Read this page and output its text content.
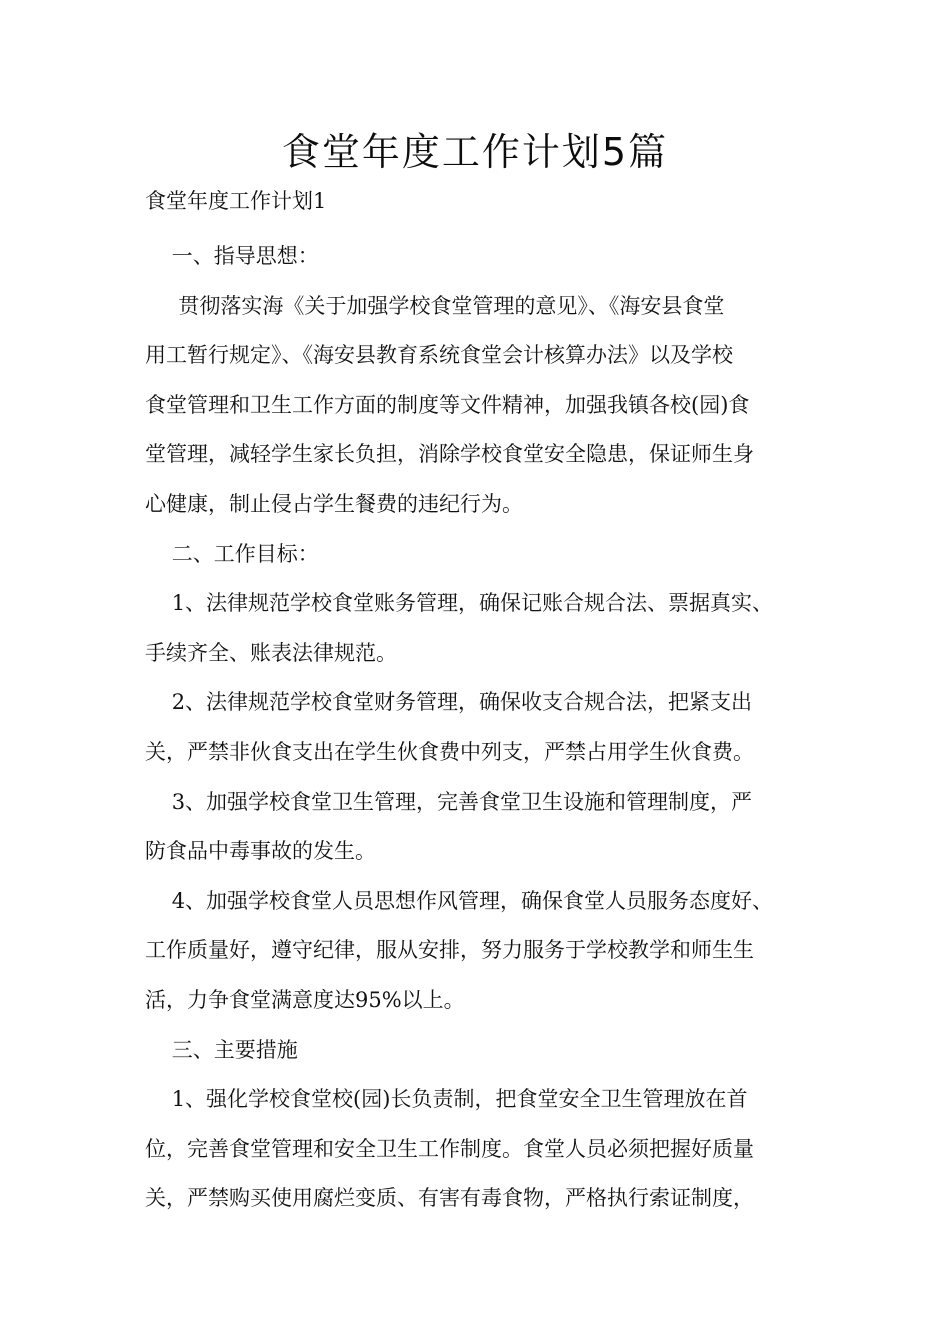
食堂年度工作计划5篇

食堂年度工作计划1

一、指导思想：

贯彻落实海《关于加强学校食堂管理的意见》、《海安县食堂

用工暂行规定》、《海安县教育系统食堂会计核算办法》以及学校

食堂管理和卫生工作方面的制度等文件精神，加强我镇各校(园)食

堂管理，减轻学生家长负担，消除学校食堂安全隐患，保证师生身

心健康，制止侵占学生餐费的违纪行为。

二、工作目标：

1、法律规范学校食堂账务管理，确保记账合规合法、票据真实、

手续齐全、账表法律规范。

2、法律规范学校食堂财务管理，确保收支合规合法，把紧支出

关，严禁非伙食支出在学生伙食费中列支，严禁占用学生伙食费。

3、加强学校食堂卫生管理，完善食堂卫生设施和管理制度，严

防食品中毒事故的发生。

4、加强学校食堂人员思想作风管理，确保食堂人员服务态度好、

工作质量好，遵守纪律，服从安排，努力服务于学校教学和师生生

活，力争食堂满意度达95%以上。

三、主要措施

1、强化学校食堂校(园)长负责制，把食堂安全卫生管理放在首

位，完善食堂管理和安全卫生工作制度。食堂人员必须把握好质量

关，严禁购买使用腐烂变质、有害有毒食物，严格执行索证制度，
